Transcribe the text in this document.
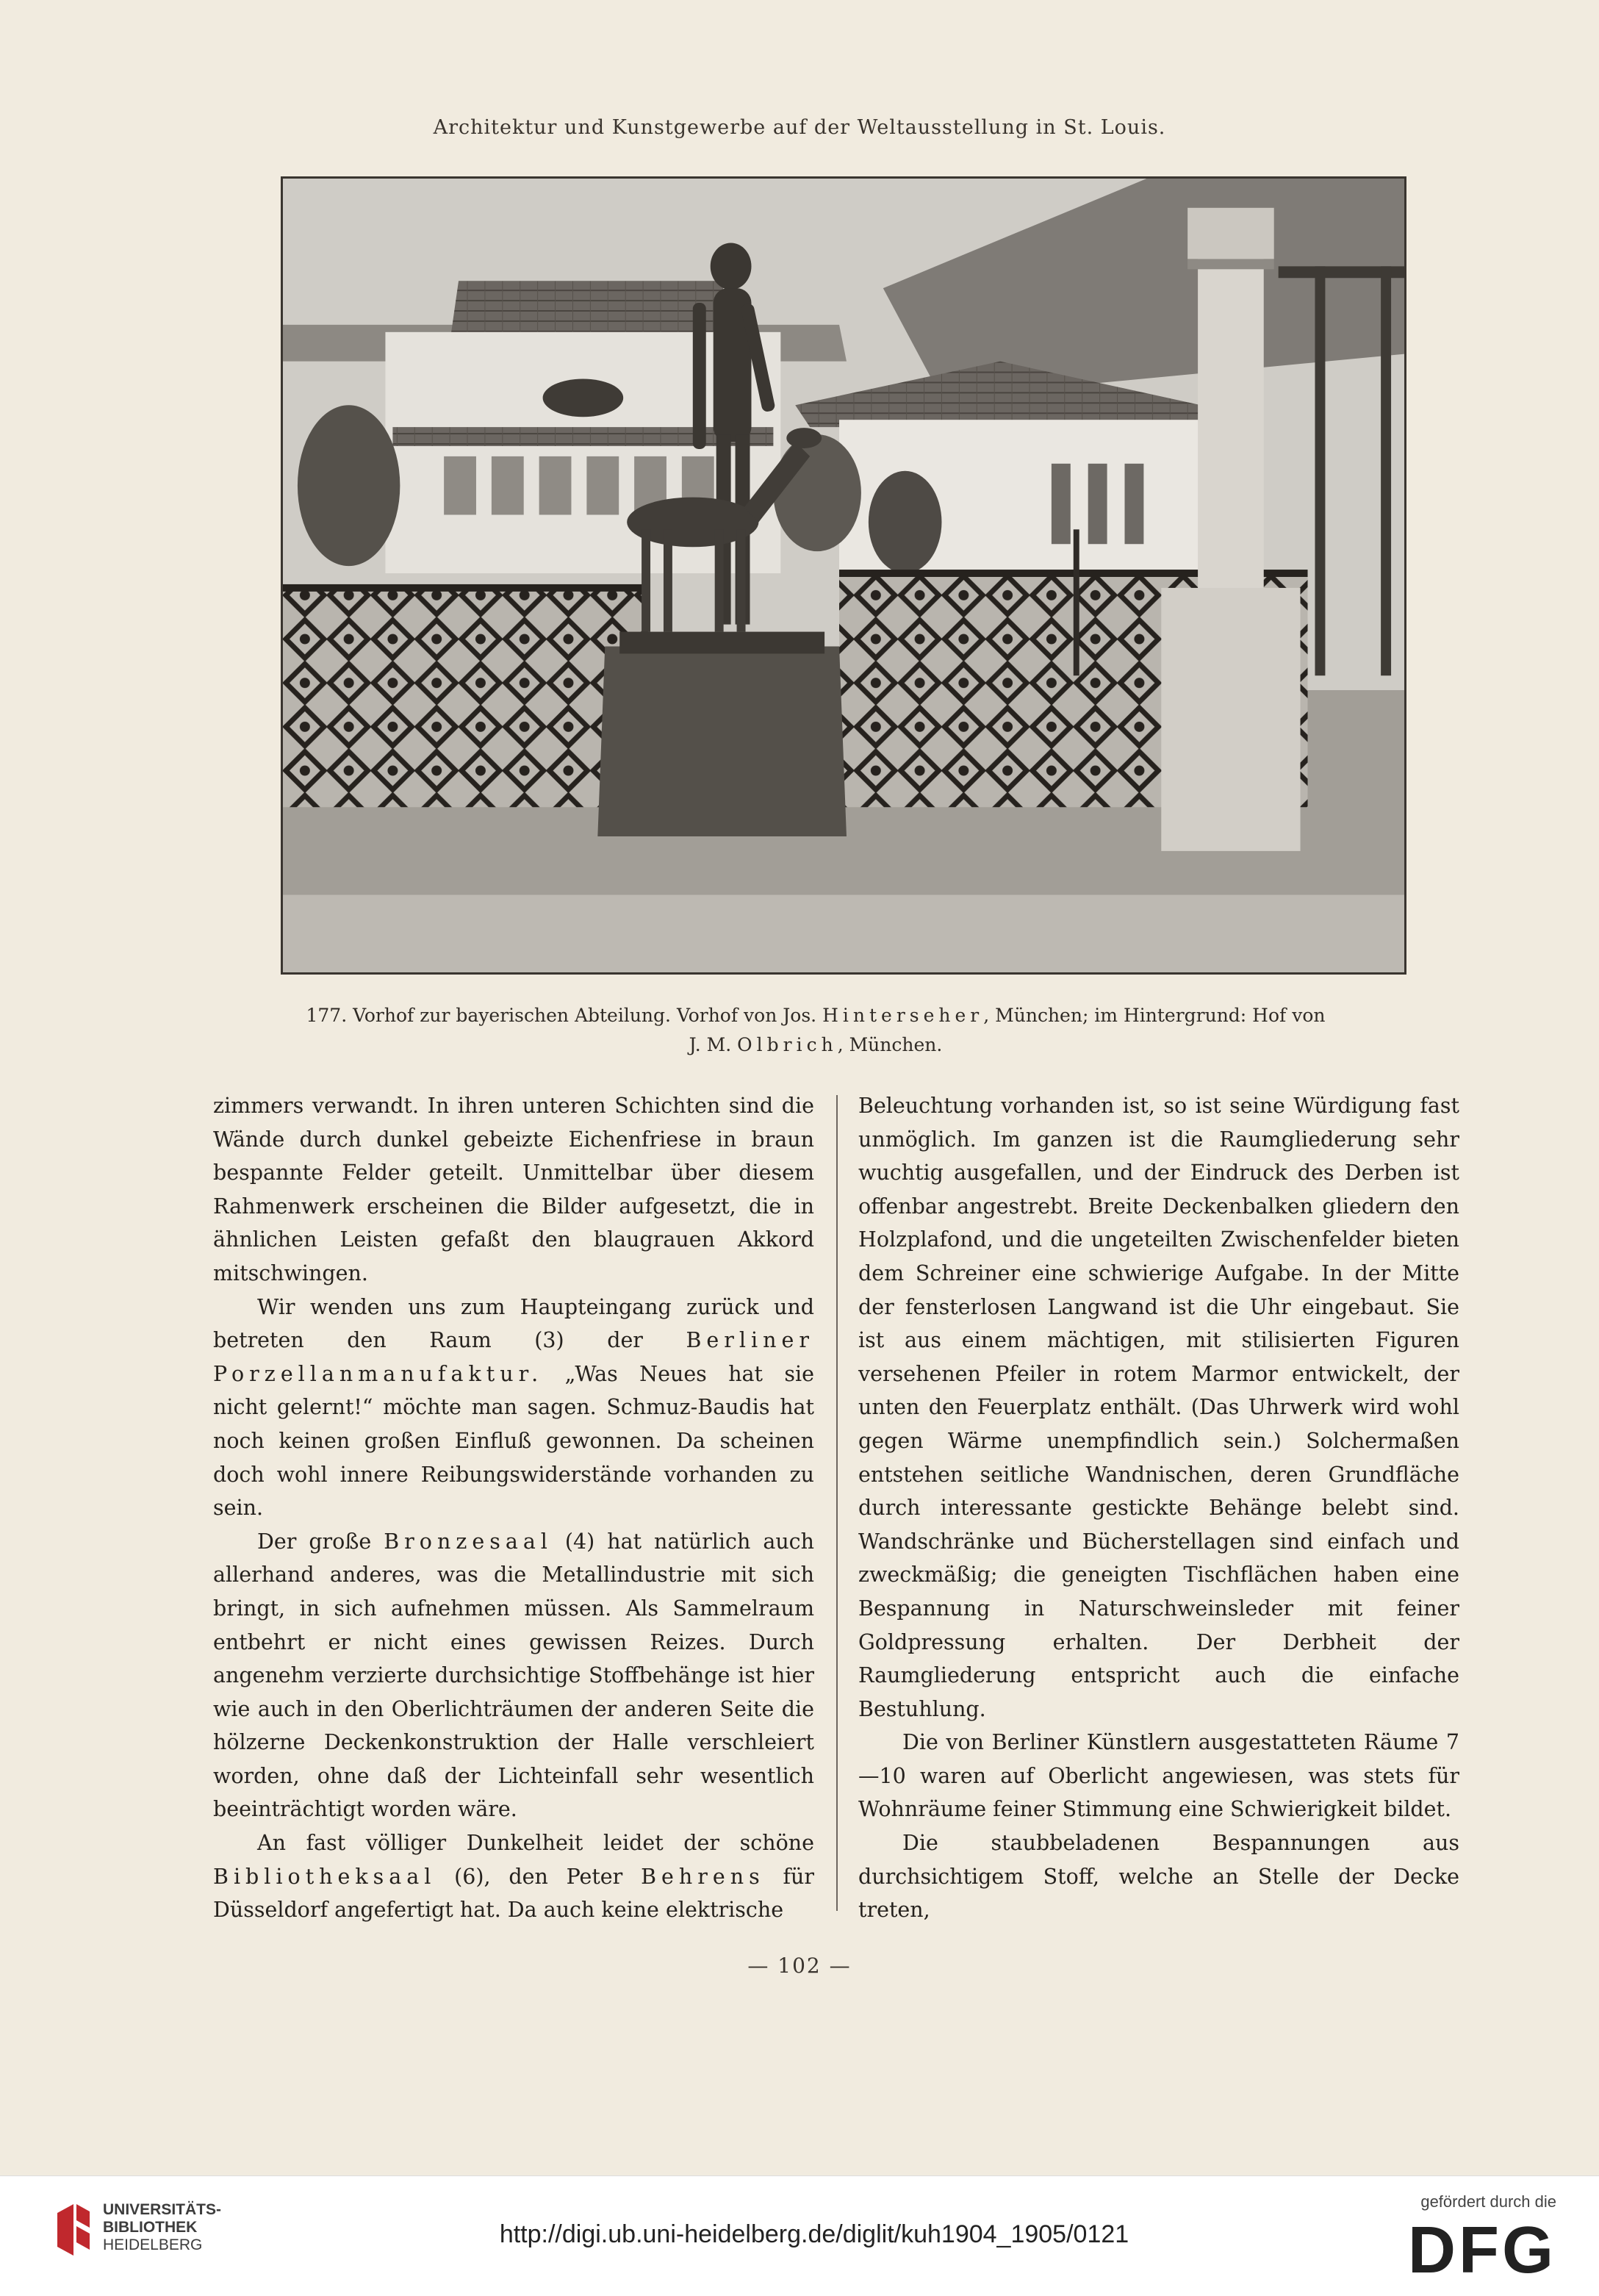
Architektur und Kunstgewerbe auf der Weltausstellung in St. Louis.
177. Vorhof zur bayerischen Abteilung. Vorhof von Jos. Hinterseher, München; im Hintergrund: Hof von
J. M. Olbrich, München.

zimmers verwandt. In ihren unteren Schichten sind die Wände durch dunkel gebeizte Eichenfriese in braun bespannte Felder geteilt. Unmittelbar über diesem Rahmenwerk erscheinen die Bilder aufgesetzt, die in ähnlichen Leisten gefaßt den blaugrauen Akkord mitschwingen.

Wir wenden uns zum Haupteingang zurück und betreten den Raum (3) der Berliner Porzellanmanufaktur. „Was Neues hat sie nicht gelernt!“ möchte man sagen. Schmuz-Baudis hat noch keinen großen Einfluß gewonnen. Da scheinen doch wohl innere Reibungswiderstände vorhanden zu sein.

Der große Bronzesaal (4) hat natürlich auch allerhand anderes, was die Metallindustrie mit sich bringt, in sich aufnehmen müssen. Als Sammelraum entbehrt er nicht eines gewissen Reizes. Durch angenehm verzierte durchsichtige Stoffbehänge ist hier wie auch in den Oberlichträumen der anderen Seite die hölzerne Deckenkonstruktion der Halle verschleiert worden, ohne daß der Lichteinfall sehr wesentlich beeinträchtigt worden wäre.

An fast völliger Dunkelheit leidet der schöne Bibliotheksaal (6), den Peter Behrens für Düsseldorf angefertigt hat. Da auch keine elektrische

Beleuchtung vorhanden ist, so ist seine Würdigung fast unmöglich. Im ganzen ist die Raumgliederung sehr wuchtig ausgefallen, und der Eindruck des Derben ist offenbar angestrebt. Breite Deckenbalken gliedern den Holzplafond, und die ungeteilten Zwischenfelder bieten dem Schreiner eine schwierige Aufgabe. In der Mitte der fensterlosen Langwand ist die Uhr eingebaut. Sie ist aus einem mächtigen, mit stilisierten Figuren versehenen Pfeiler in rotem Marmor entwickelt, der unten den Feuerplatz enthält. (Das Uhrwerk wird wohl gegen Wärme unempfindlich sein.) Solchermaßen entstehen seitliche Wandnischen, deren Grundfläche durch interessante gestickte Behänge belebt sind. Wandschränke und Bücherstellagen sind einfach und zweckmäßig; die geneigten Tischflächen haben eine Bespannung in Naturschweinsleder mit feiner Goldpressung erhalten. Der Derbheit der Raumgliederung entspricht auch die einfache Bestuhlung.

Die von Berliner Künstlern ausgestatteten Räume 7—10 waren auf Oberlicht angewiesen, was stets für Wohnräume feiner Stimmung eine Schwierigkeit bildet.

Die staubbeladenen Bespannungen aus durchsichtigem Stoff, welche an Stelle der Decke treten,

— 102 —
UNIVERSITÄTS-
BIBLIOTHEK
HEIDELBERG	http://digi.ub.uni-heidelberg.de/diglit/kuh1904_1905/0121
gefördert durch die
DFG
